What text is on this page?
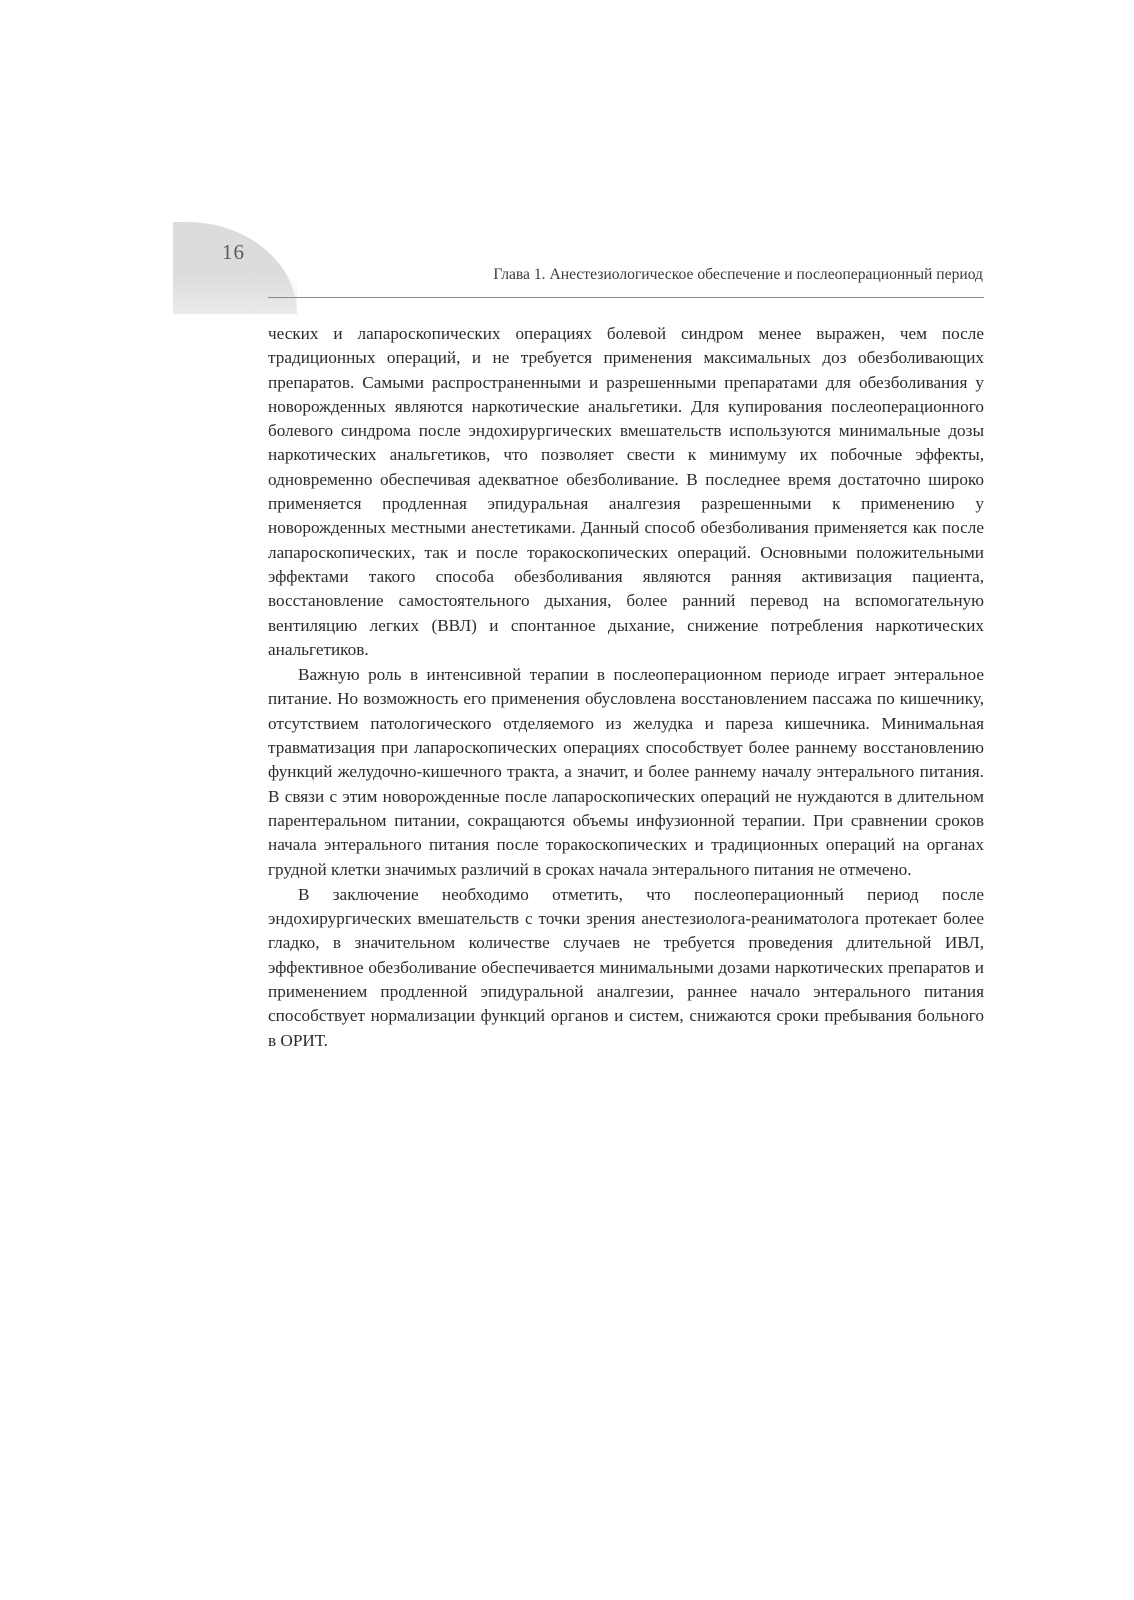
16
Глава 1. Анестезиологическое обеспечение и послеоперационный период

ческих и лапароскопических операциях болевой синдром менее выражен, чем после традиционных операций, и не требуется применения максимальных доз обезболивающих препаратов. Самыми распространенными и разрешенными препаратами для обезболивания у новорожденных являются наркотические анальгетики. Для купирования послеоперационного болевого синдрома после эндохирургических вмешательств используются минимальные дозы наркотических анальгетиков, что позволяет свести к минимуму их побочные эффекты, одновременно обеспечивая адекватное обезболивание. В последнее время достаточно широко применяется продленная эпидуральная аналгезия разрешенными к применению у новорожденных местными анестетиками. Данный способ обезболивания применяется как после лапароскопических, так и после торакоскопических операций. Основными положительными эффектами такого способа обезболивания являются ранняя активизация пациента, восстановление самостоятельного дыхания, более ранний перевод на вспомогательную вентиляцию легких (ВВЛ) и спонтанное дыхание, снижение потребления наркотических анальгетиков.

Важную роль в интенсивной терапии в послеоперационном периоде играет энтеральное питание. Но возможность его применения обусловлена восстановлением пассажа по кишечнику, отсутствием патологического отделяемого из желудка и пареза кишечника. Минимальная травматизация при лапароскопических операциях способствует более раннему восстановлению функций желудочно-кишечного тракта, а значит, и более раннему началу энтерального питания. В связи с этим новорожденные после лапароскопических операций не нуждаются в длительном парентеральном питании, сокращаются объемы инфузионной терапии. При сравнении сроков начала энтерального питания после торакоскопических и традиционных операций на органах грудной клетки значимых различий в сроках начала энтерального питания не отмечено.

В заключение необходимо отметить, что послеоперационный период после эндохирургических вмешательств с точки зрения анестезиолога-реаниматолога протекает более гладко, в значительном количестве случаев не требуется проведения длительной ИВЛ, эффективное обезболивание обеспечивается минимальными дозами наркотических препаратов и применением продленной эпидуральной аналгезии, раннее начало энтерального питания способствует нормализации функций органов и систем, снижаются сроки пребывания больного в ОРИТ.
